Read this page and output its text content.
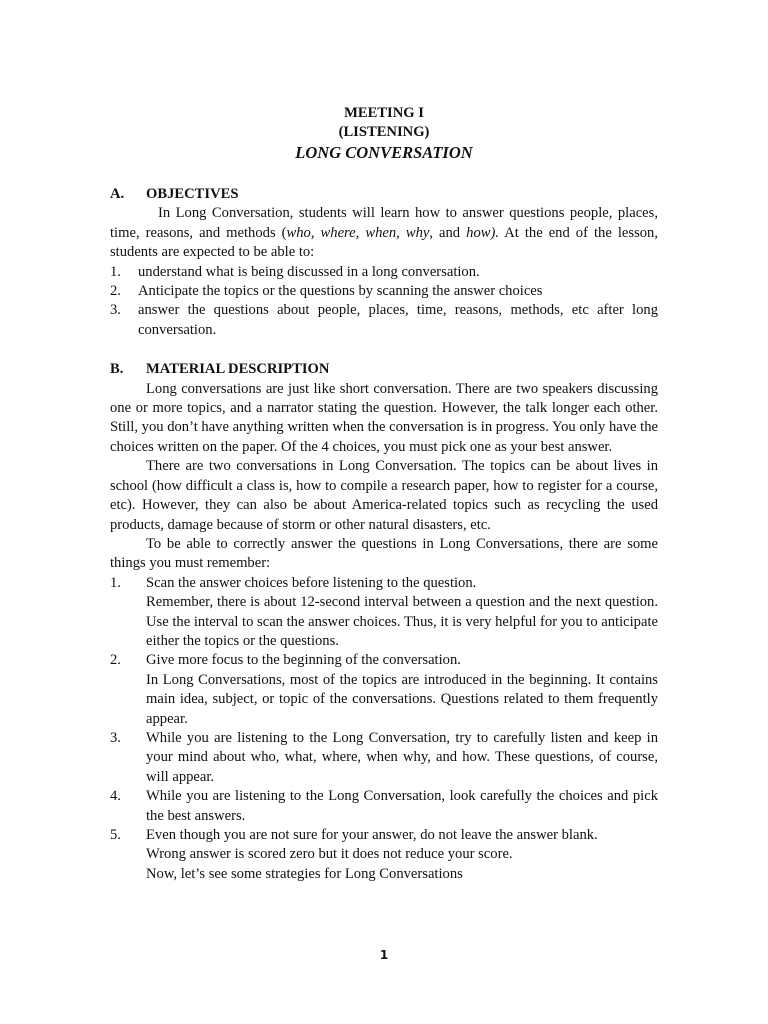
MEETING I
(LISTENING)
LONG CONVERSATION
A.	OBJECTIVES

In Long Conversation, students will learn how to answer questions people, places, time, reasons, and methods (who, where, when, why, and how). At the end of the lesson, students are expected to be able to:

1.	understand what is being discussed in a long conversation.
2.	Anticipate the topics or the questions by scanning the answer choices
3.	answer the questions about people, places, time, reasons, methods, etc after long conversation.
B.	MATERIAL DESCRIPTION

Long conversations are just like short conversation. There are two speakers discussing one or more topics, and a narrator stating the question. However, the talk longer each other. Still, you don’t have anything written when the conversation is in progress. You only have the choices written on the paper. Of the 4 choices, you must pick one as your best answer.

There are two conversations in Long Conversation. The topics can be about lives in school (how difficult a class is, how to compile a research paper, how to register for a course, etc). However, they can also be about America-related topics such as recycling the used products, damage because of storm or other natural disasters, etc.

To be able to correctly answer the questions in Long Conversations, there are some things you must remember:

1.	Scan the answer choices before listening to the question.

Remember, there is about 12-second interval between a question and the next question. Use the interval to scan the answer choices. Thus, it is very helpful for you to anticipate either the topics or the questions.

2.	Give more focus to the beginning of the conversation.

In Long Conversations, most of the topics are introduced in the beginning. It contains main idea, subject, or topic of the conversations. Questions related to them frequently appear.

3.	While you are listening to the Long Conversation, try to carefully listen and keep in your mind about who, what, where, when why, and how. These questions, of course, will appear.

4.	While you are listening to the Long Conversation, look carefully the choices and pick the best answers.

5.	Even though you are not sure for your answer, do not leave the answer blank.

Wrong answer is scored zero but it does not reduce your score.

Now, let’s see some strategies for Long Conversations

1
